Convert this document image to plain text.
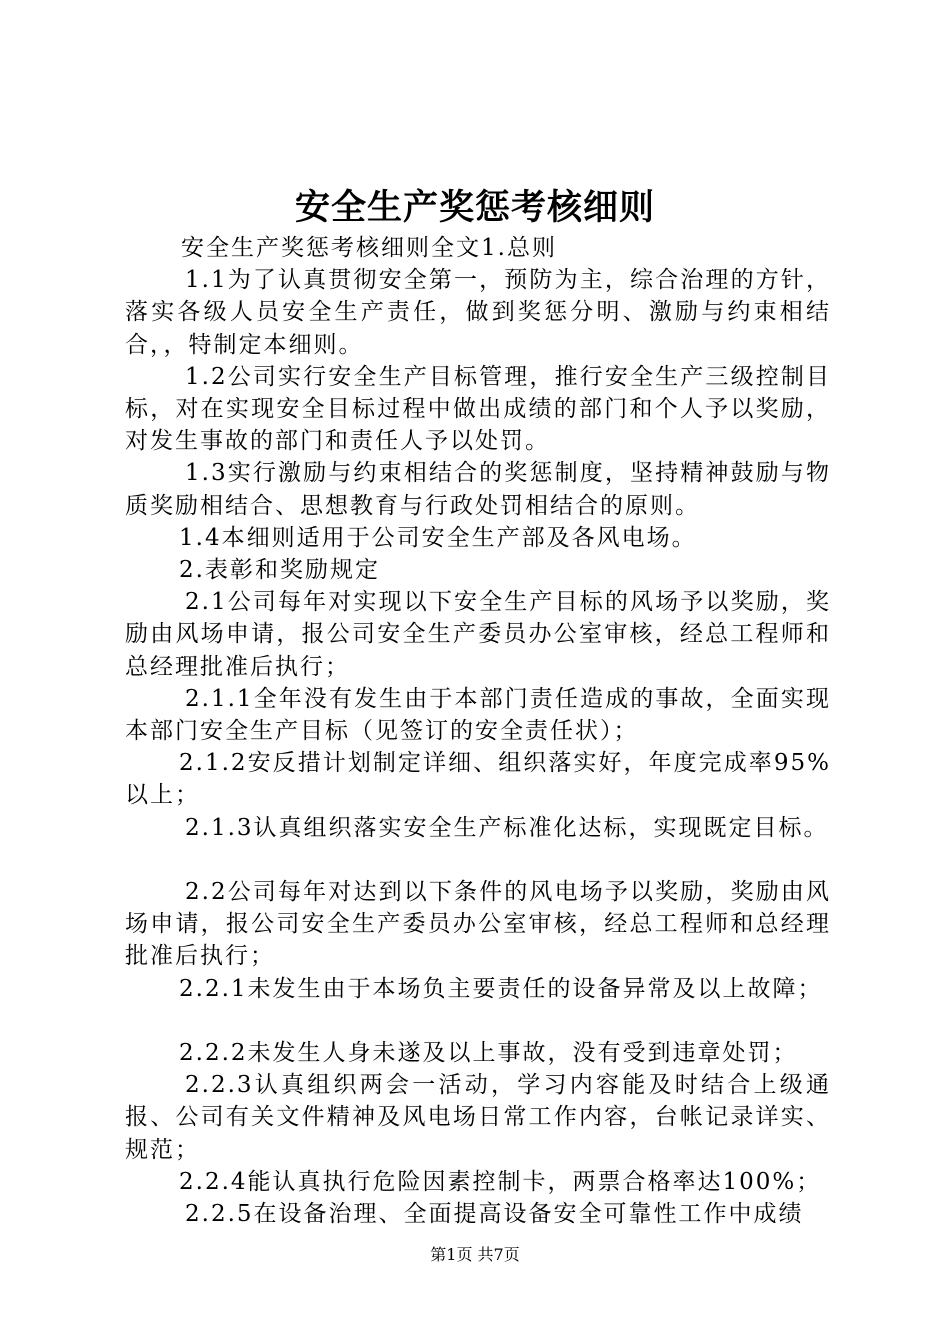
安全生产奖惩考核细则

安全生产奖惩考核细则全文1.总则

1.1为了认真贯彻安全第一，预防为主，综合治理的方针，落实各级人员安全生产责任，做到奖惩分明、激励与约束相结合，，特制定本细则。

1.2公司实行安全生产目标管理，推行安全生产三级控制目标，对在实现安全目标过程中做出成绩的部门和个人予以奖励，对发生事故的部门和责任人予以处罚。

1.3实行激励与约束相结合的奖惩制度，坚持精神鼓励与物质奖励相结合、思想教育与行政处罚相结合的原则。

1.4本细则适用于公司安全生产部及各风电场。

2.表彰和奖励规定

2.1公司每年对实现以下安全生产目标的风场予以奖励，奖励由风场申请，报公司安全生产委员办公室审核，经总工程师和总经理批准后执行；

2.1.1全年没有发生由于本部门责任造成的事故，全面实现本部门安全生产目标（见签订的安全责任状）；

2.1.2安反措计划制定详细、组织落实好，年度完成率95%以上；

2.1.3认真组织落实安全生产标准化达标，实现既定目标。

2.2公司每年对达到以下条件的风电场予以奖励，奖励由风场申请，报公司安全生产委员办公室审核，经总工程师和总经理批准后执行；

2.2.1未发生由于本场负主要责任的设备异常及以上故障；

2.2.2未发生人身未遂及以上事故，没有受到违章处罚；

2.2.3认真组织两会一活动，学习内容能及时结合上级通报、公司有关文件精神及风电场日常工作内容，台帐记录详实、规范；

2.2.4能认真执行危险因素控制卡，两票合格率达100%；

2.2.5在设备治理、全面提高设备安全可靠性工作中成绩

第1页 共7页
